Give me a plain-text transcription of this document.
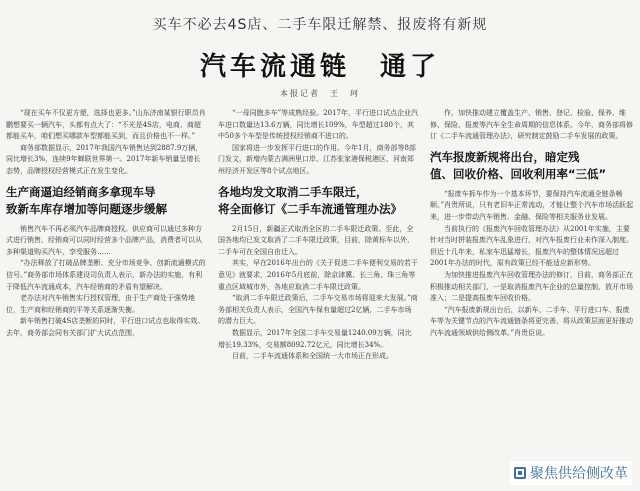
买车不必去4S店、二手车限迁解禁、报废将有新规
汽车流通链　通了
本报记者　王　珂

“现在买车不仅更方便，选择也更多。”山东济南某银行职员肖鹏想要买一辆汽车，头都有点大了：“不光是4S店，电商、商超都能买车，咱们想买哪款车型都能买到，而且价格也不一样。”

商务部数据显示，2017年我国汽车销售达到2887.9万辆，同比增长3%，连续9年蝉联世界第一。2017年新车销量呈增长态势，品牌授权经营模式正在发生变化。

生产商逼迫经销商多拿现车导
致新车库存增加等问题逐步缓解

销售汽车不再必须汽车品牌商授权。供应商可以通过多种方式进行销售，经销商可以同时经营多个品牌产品，消费者可以从多种渠道购买汽车，享受服务……

“办法释放了打破品牌垄断、充分市场竞争、创新流通模式的信号。”商务部市场体系建设司负责人表示，新办法的实施，有利于降低汽车流通成本，汽车经销商的矛盾有望解决。

老办法对汽车销售实行授权管理，由于生产商处于强势地位，生产商和经销商的平等关系逐渐失衡。

新车销售打破4S店垄断的同时，平行进口试点也取得实效。去年，商务部会同有关部门扩大试点范围，

“一母同胞多车”等成熟经验。2017年，平行进口试点企业汽车进口数量达13.6万辆，同比增长109%，车型超过180个，其中50多个车型是传统授权经销商不进口的。

国家将进一步发挥平行进口的作用。今年1月，商务部等8部门发文，新增内蒙古满洲里口岸、江苏张家港保税港区、河南郑州经济开发区等8个试点地区。

各地均发文取消二手车限迁，
将全面修订《二手车流通管理办法》

2月15日，新疆正式取消全区的二手车限迁政策。至此，全国各地均已发文取消了二手车限迁政策，目前，除黄标车以外，二手车可在全国自由迁入。

其实，早在2016年出台的《关于促进二手车便利交易的若干意见》就要求，2016年5月底前，除京津冀、长三角、珠三角等重点区域城市外，各地应取消二手车限迁政策。

“取消二手车限迁政策后，二手车交易市场将迎来大发展。”商务部相关负责人表示，全国汽车保有量超过2亿辆，二手车市场的潜力巨大。

数据显示，2017年全国二手车交易量1240.09万辆，同比增长19.33%，交易额8092.72亿元，同比增长34%。

目前，二手车流通体系和全国统一大市场正在形成。

作，加快推动建立覆盖生产、销售、登记、检验、保养、维修、保险、报废等汽车全生命周期的信息体系。今年，商务部将修订《二手车流通管理办法》，研究制定鼓励二手车发展的政策。

汽车报废新规将出台，暗定残
值、回收价格、回收利用率“三低”

“报废车拆车作为一个基本环节，要保持汽车流通全链条畅顺。”肖贵所说，只有老旧车正常流动，才能让整个汽车市场活跃起来，进一步带动汽车销售、金融、保险等相关服务业发展。

当前执行的《报废汽车回收管理办法》从2001年实施，主要针对当时拼装报废汽车乱象进行，对汽车报废行业未作深入制度。但近十几年来，私家车迅猛增长，报废汽车的整体情况远超过2001年办法的时代，原有政策已经不能适应新形势。

为加快推进报废汽车回收管理办法的修订，目前，商务部正在积极推动相关部门，一是取消报废汽车企业的总量控制，放开市场准入；二是提高报废车回收价格。

“汽车报废新规出台后，以新车、二手车、平行进口车、报废车等为关键节点的汽车流通链条将更完善，将从政策层面更好推动汽车流通领域供给侧改革。”肖贵臣说。

聚焦供给侧改革
